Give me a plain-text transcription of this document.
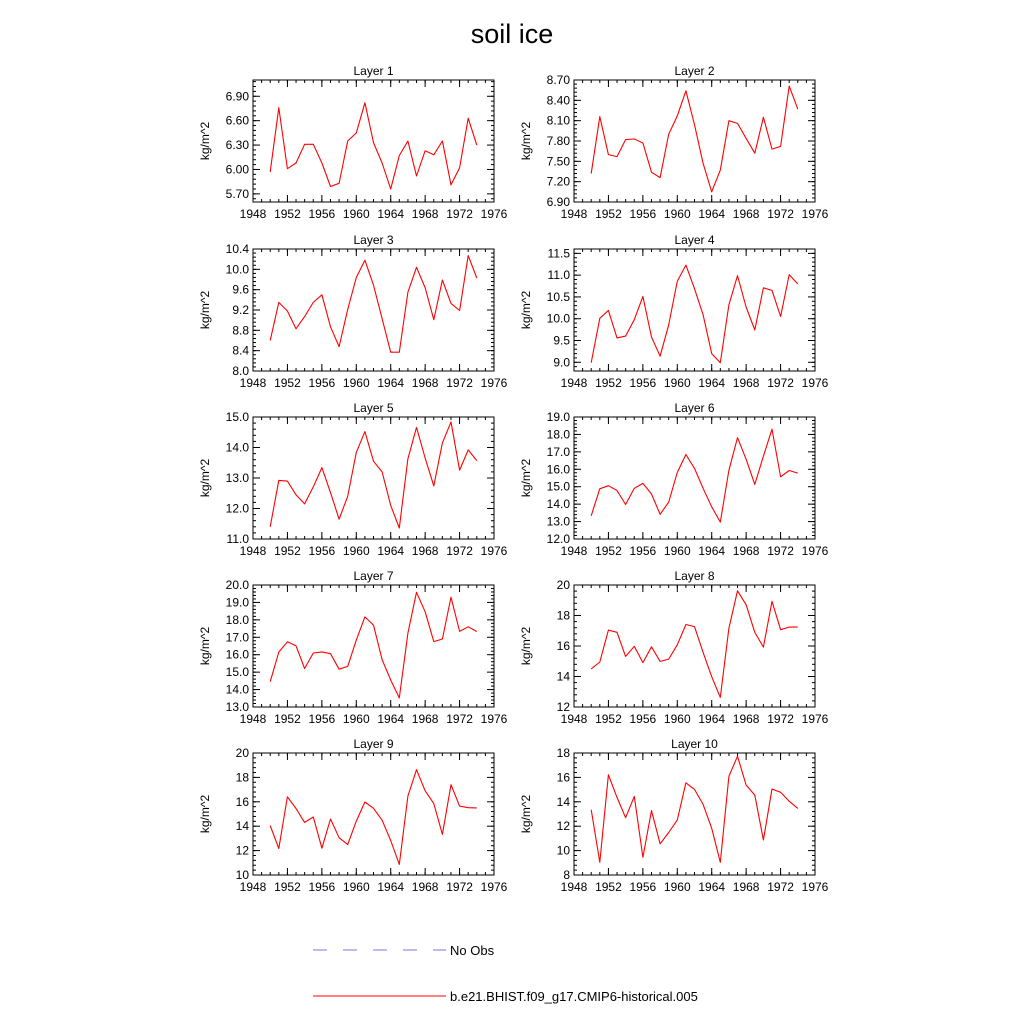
soil ice
Layer 1
kg/m^2
1948 1952 1956 1960 1964 1968 1972 1976
5.70
6.00
6.30
6.60
6.90
Layer 2
kg/m^2
1948 1952 1956 1960 1964 1968 1972 1976
6.90
7.20
7.50
7.80
8.10
8.40
8.70
Layer 3
kg/m^2
1948 1952 1956 1960 1964 1968 1972 1976
8.0
8.4
8.8
9.2
9.6
10.0
10.4
Layer 4
kg/m^2
1948 1952 1956 1960 1964 1968 1972 1976
9.0
9.5
10.0
10.5
11.0
11.5
Layer 5
kg/m^2
1948 1952 1956 1960 1964 1968 1972 1976
11.0
12.0
13.0
14.0
15.0
Layer 6
kg/m^2
1948 1952 1956 1960 1964 1968 1972 1976
12.0
13.0
14.0
15.0
16.0
17.0
18.0
19.0
Layer 7
kg/m^2
1948 1952 1956 1960 1964 1968 1972 1976
13.0
14.0
15.0
16.0
17.0
18.0
19.0
20.0
Layer 8
kg/m^2
1948 1952 1956 1960 1964 1968 1972 1976
12
14
16
18
20
Layer 9
kg/m^2
1948 1952 1956 1960 1964 1968 1972 1976
10
12
14
16
18
20
Layer 10
kg/m^2
1948 1952 1956 1960 1964 1968 1972 1976
8
10
12
14
16
18
No Obs
b.e21.BHIST.f09_g17.CMIP6-historical.005
